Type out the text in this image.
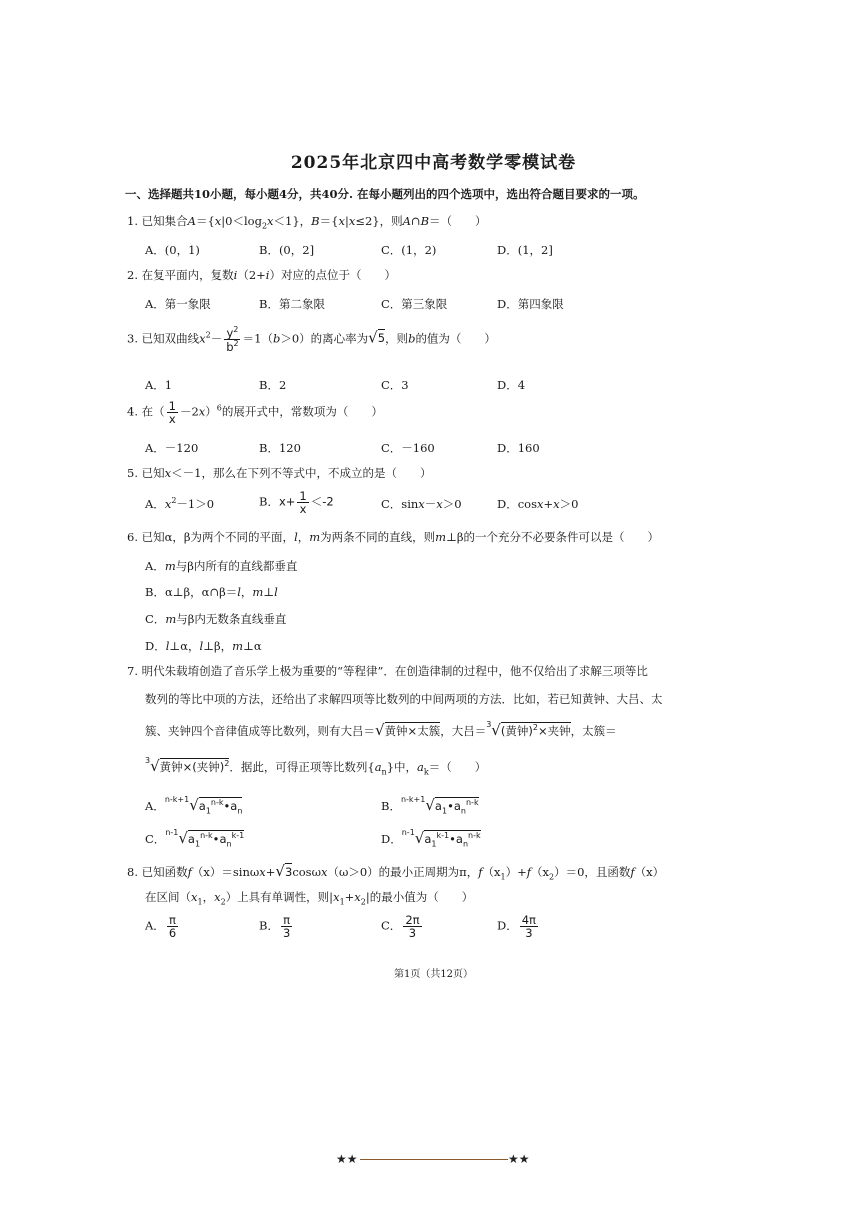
2025年北京四中高考数学零模试卷
一、选择题共10小题，每小题4分，共40分. 在每小题列出的四个选项中，选出符合题目要求的一项。
1. 已知集合$A=\{x|0<\log_2x<1\}$，B＝{x|x≤2}，则A∩B＝（　　）
A．(0，1)	B．(0，2]	C．(1，2)	D．(1，2]
2. 在复平面内，复数i（2+i）对应的点位于（　　）
A．第一象限	B．第二象限	C．第三象限	D．第四象限
3. 已知双曲线$x^2- \frac{y^2}{b^2} =1(b>0)$的离心率为√5，则b的值为（　　）
A．1	B．2	C．3	D．4
4. 在（ $\frac{1}{x} -2x)^6$的展开式中，常数项为（　　）
A．－120	B．120	C．－160	D．160
5. 已知x＜－1，那么在下列不等式中，不成立的是（　　）
A．$x^2-1>0$	B．$x+ \frac{1}{x} <-2$	C．sinx－x＞0	D．cosx+x＞0
6. 已知α，β为两个不同的平面，l，m为两条不同的直线，则m⊥β的一个充分不必要条件可以是（　　）
A．m与β内所有的直线都垂直
B．α⊥β，α∩β＝l，m⊥l
C．m与β内无数条直线垂直
D．l⊥α，l⊥β，m⊥α
7. 明代朱载堉创造了音乐学上极为重要的“等程律”．在创造律制的过程中，他不仅给出了求解三项等比
数列的等比中项的方法，还给出了求解四项等比数列的中间两项的方法．比如，若已知黄钟、大吕、太
簇、夹钟四个音律值成等比数列，则有大吕＝√黄钟×太簇，大吕＝$^3$√(黄钟)$^2$×夹钟，太簇＝
$^3$√黄钟×(夹钟)$^2$．据此，可得正项等比数列$\{a_n\}$中，$a_k=$（　　）
A．$^{n-k+1}√a_1^{n-k}•a_n$	B．$^{n-k+1}√a_1•a_n^{n-k}$
C．$^{n-1}√a_1^{n-k}•a_n^{k-1}$	D．$^{n-1}√a_1^{k-1}•a_n^{n-k}$
8. 已知函数f（x）＝sinωx+√3cosωx（ω＞0）的最小正周期为π，$f(x_1)+f(x_2)=0$，且函数f（x）
在区间（$x_1$，$x_2$）上具有单调性，则$|x_1+x_2|$的最小值为（　　）
A． $\frac{\pi}{6}$	B． $\frac{\pi}{3}$	C． $\frac{2\pi}{3}$	D． $\frac{4\pi}{3}$
第1页（共12页）
★★	★★
